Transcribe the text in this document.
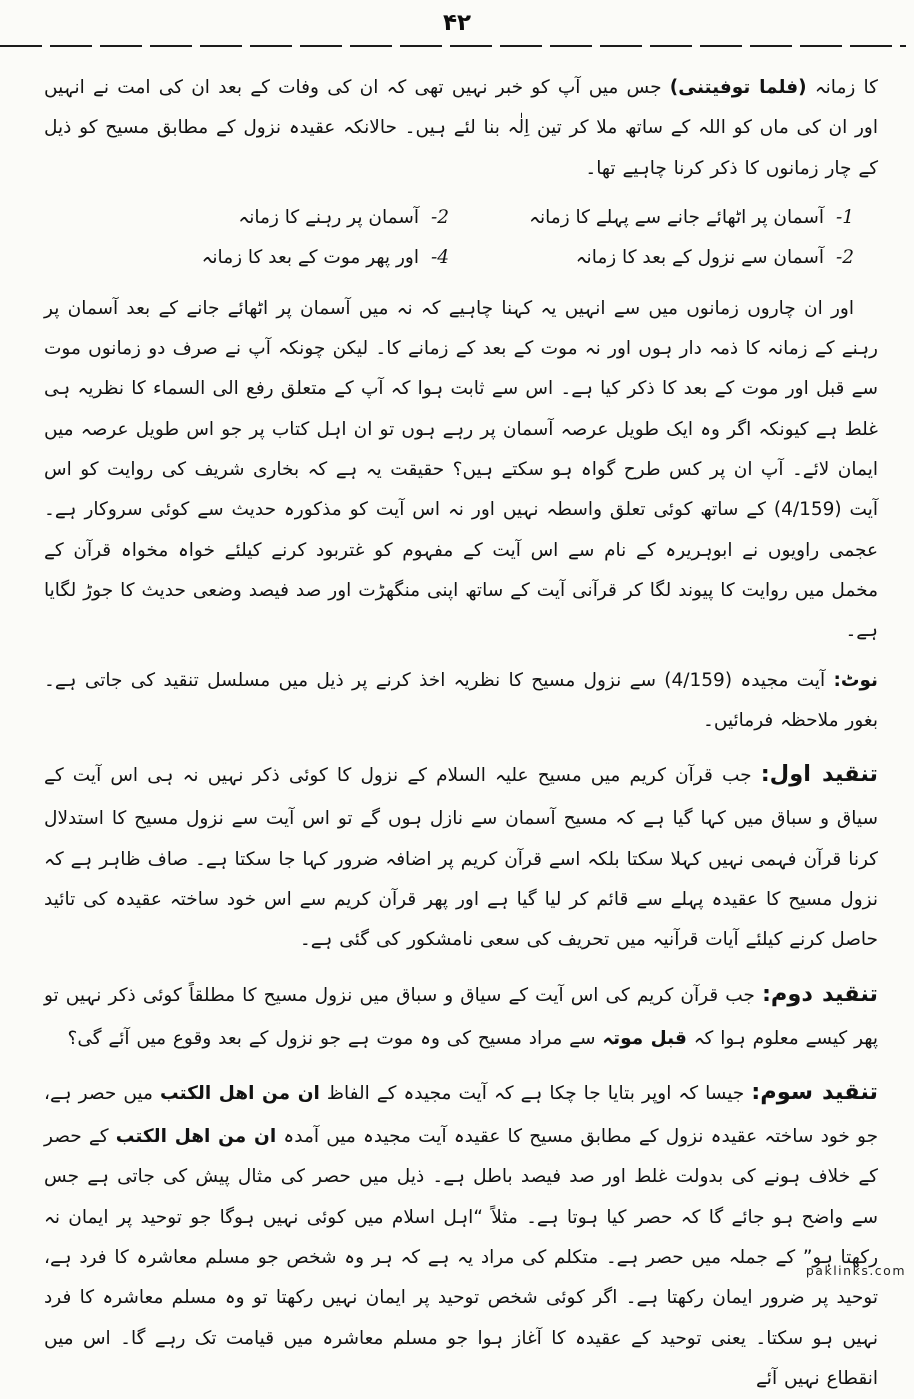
۴۲

کا زمانہ (فلما توفیتنی) جس میں آپ کو خبر نہیں تھی کہ ان کی وفات کے بعد ان کی امت نے انہیں اور ان کی ماں کو اللہ کے ساتھ ملا کر تین اِلٰہ بنا لئے ہیں۔ حالانکہ عقیدہ نزول کے مطابق مسیح کو ذیل کے چار زمانوں کا ذکر کرنا چاہیے تھا۔

1-آسمان پر اٹھائے جانے سے پہلے کا زمانہ
2-آسمان پر رہنے کا زمانہ
2-آسمان سے نزول کے بعد کا زمانہ
4-اور پھر موت کے بعد کا زمانہ

اور ان چاروں زمانوں میں سے انہیں یہ کہنا چاہیے کہ نہ میں آسمان پر اٹھائے جانے کے بعد آسمان پر رہنے کے زمانہ کا ذمہ دار ہوں اور نہ موت کے بعد کے زمانے کا۔ لیکن چونکہ آپ نے صرف دو زمانوں موت سے قبل اور موت کے بعد کا ذکر کیا ہے۔ اس سے ثابت ہوا کہ آپ کے متعلق رفع الی السماء کا نظریہ ہی غلط ہے کیونکہ اگر وہ ایک طویل عرصہ آسمان پر رہے ہوں تو ان اہل کتاب پر جو اس طویل عرصہ میں ایمان لائے۔ آپ ان پر کس طرح گواہ ہو سکتے ہیں؟ حقیقت یہ ہے کہ بخاری شریف کی روایت کو اس آیت (4/159) کے ساتھ کوئی تعلق واسطہ نہیں اور نہ اس آیت کو مذکورہ حدیث سے کوئی سروکار ہے۔ عجمی راویوں نے ابوہریرہ کے نام سے اس آیت کے مفہوم کو غتربود کرنے کیلئے خواہ مخواہ قرآن کے مخمل میں روایت کا پیوند لگا کر قرآنی آیت کے ساتھ اپنی منگھڑت اور صد فیصد وضعی حدیث کا جوڑ لگایا ہے۔

نوٹ: آیت مجیدہ (4/159) سے نزول مسیح کا نظریہ اخذ کرنے پر ذیل میں مسلسل تنقید کی جاتی ہے۔ بغور ملاحظہ فرمائیں۔

تنقید اول: جب قرآن کریم میں مسیح علیہ السلام کے نزول کا کوئی ذکر نہیں نہ ہی اس آیت کے سیاق و سباق میں کہا گیا ہے کہ مسیح آسمان سے نازل ہوں گے تو اس آیت سے نزول مسیح کا استدلال کرنا قرآن فہمی نہیں کہلا سکتا بلکہ اسے قرآن کریم پر اضافہ ضرور کہا جا سکتا ہے۔ صاف ظاہر ہے کہ نزول مسیح کا عقیدہ پہلے سے قائم کر لیا گیا ہے اور پھر قرآن کریم سے اس خود ساختہ عقیدہ کی تائید حاصل کرنے کیلئے آیات قرآنیہ میں تحریف کی سعی نامشکور کی گئی ہے۔

تنقید دوم: جب قرآن کریم کی اس آیت کے سیاق و سباق میں نزول مسیح کا مطلقاً کوئی ذکر نہیں تو پھر کیسے معلوم ہوا کہ قبل موتہ سے مراد مسیح کی وہ موت ہے جو نزول کے بعد وقوع میں آئے گی؟

تنقید سوم: جیسا کہ اوپر بتایا جا چکا ہے کہ آیت مجیدہ کے الفاظ ان من اهل الکتب میں حصر ہے، جو خود ساختہ عقیدہ نزول کے مطابق مسیح کا عقیدہ آیت مجیدہ میں آمدہ ان من اهل الکتب کے حصر کے خلاف ہونے کی بدولت غلط اور صد فیصد باطل ہے۔ ذیل میں حصر کی مثال پیش کی جاتی ہے جس سے واضح ہو جائے گا کہ حصر کیا ہوتا ہے۔ مثلاً “اہل اسلام میں کوئی نہیں ہوگا جو توحید پر ایمان نہ رکھتا ہو” کے جملہ میں حصر ہے۔ متکلم کی مراد یہ ہے کہ ہر وہ شخص جو مسلم معاشرہ کا فرد ہے، توحید پر ضرور ایمان رکھتا ہے۔ اگر کوئی شخص توحید پر ایمان نہیں رکھتا تو وہ مسلم معاشرہ کا فرد نہیں ہو سکتا۔ یعنی توحید کے عقیدہ کا آغاز ہوا جو مسلم معاشرہ میں قیامت تک رہے گا۔ اس میں انقطاع نہیں آئے

paklinks.com
